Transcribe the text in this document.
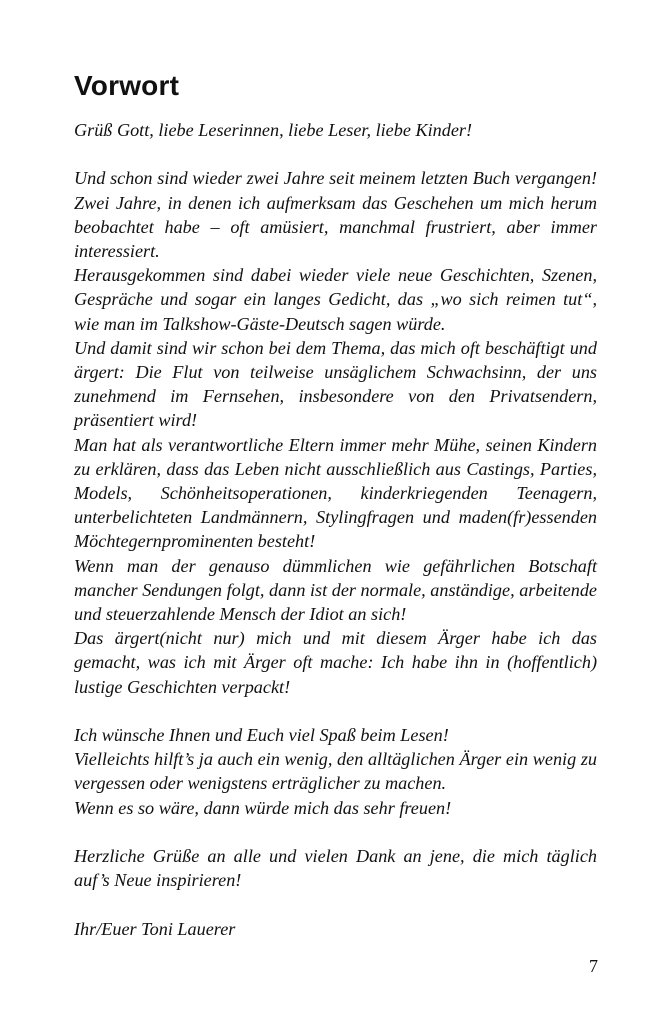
Vorwort

Grüß Gott, liebe Leserinnen, liebe Leser, liebe Kinder!

Und schon sind wieder zwei Jahre seit meinem letzten Buch vergangen! Zwei Jahre, in denen ich aufmerksam das Geschehen um mich herum beobachtet habe – oft amüsiert, manchmal frustriert, aber immer interessiert.

Herausgekommen sind dabei wieder viele neue Geschichten, Szenen, Gespräche und sogar ein langes Gedicht, das „wo sich reimen tut“, wie man im Talkshow-Gäste-Deutsch sagen würde.

Und damit sind wir schon bei dem Thema, das mich oft beschäftigt und ärgert: Die Flut von teilweise unsäglichem Schwachsinn, der uns zunehmend im Fernsehen, insbesondere von den Privatsendern, präsentiert wird!

Man hat als verantwortliche Eltern immer mehr Mühe, seinen Kindern zu erklären, dass das Leben nicht ausschließlich aus Castings, Parties, Models, Schönheitsoperationen, kinderkriegenden Teenagern, unterbelichteten Landmännern, Stylingfragen und maden(fr)essenden Möchtegernprominenten besteht!

Wenn man der genauso dümmlichen wie gefährlichen Botschaft mancher Sendungen folgt, dann ist der normale, anständige, arbeitende und steuerzahlende Mensch der Idiot an sich!

Das ärgert(nicht nur) mich und mit diesem Ärger habe ich das gemacht, was ich mit Ärger oft mache: Ich habe ihn in (hoffentlich) lustige Geschichten verpackt!

Ich wünsche Ihnen und Euch viel Spaß beim Lesen!

Vielleichts hilft’s ja auch ein wenig, den alltäglichen Ärger ein wenig zu vergessen oder wenigstens erträglicher zu machen.

Wenn es so wäre, dann würde mich das sehr freuen!

Herzliche Grüße an alle und vielen Dank an jene, die mich täglich auf’s Neue inspirieren!

Ihr/Euer Toni Lauerer

7
